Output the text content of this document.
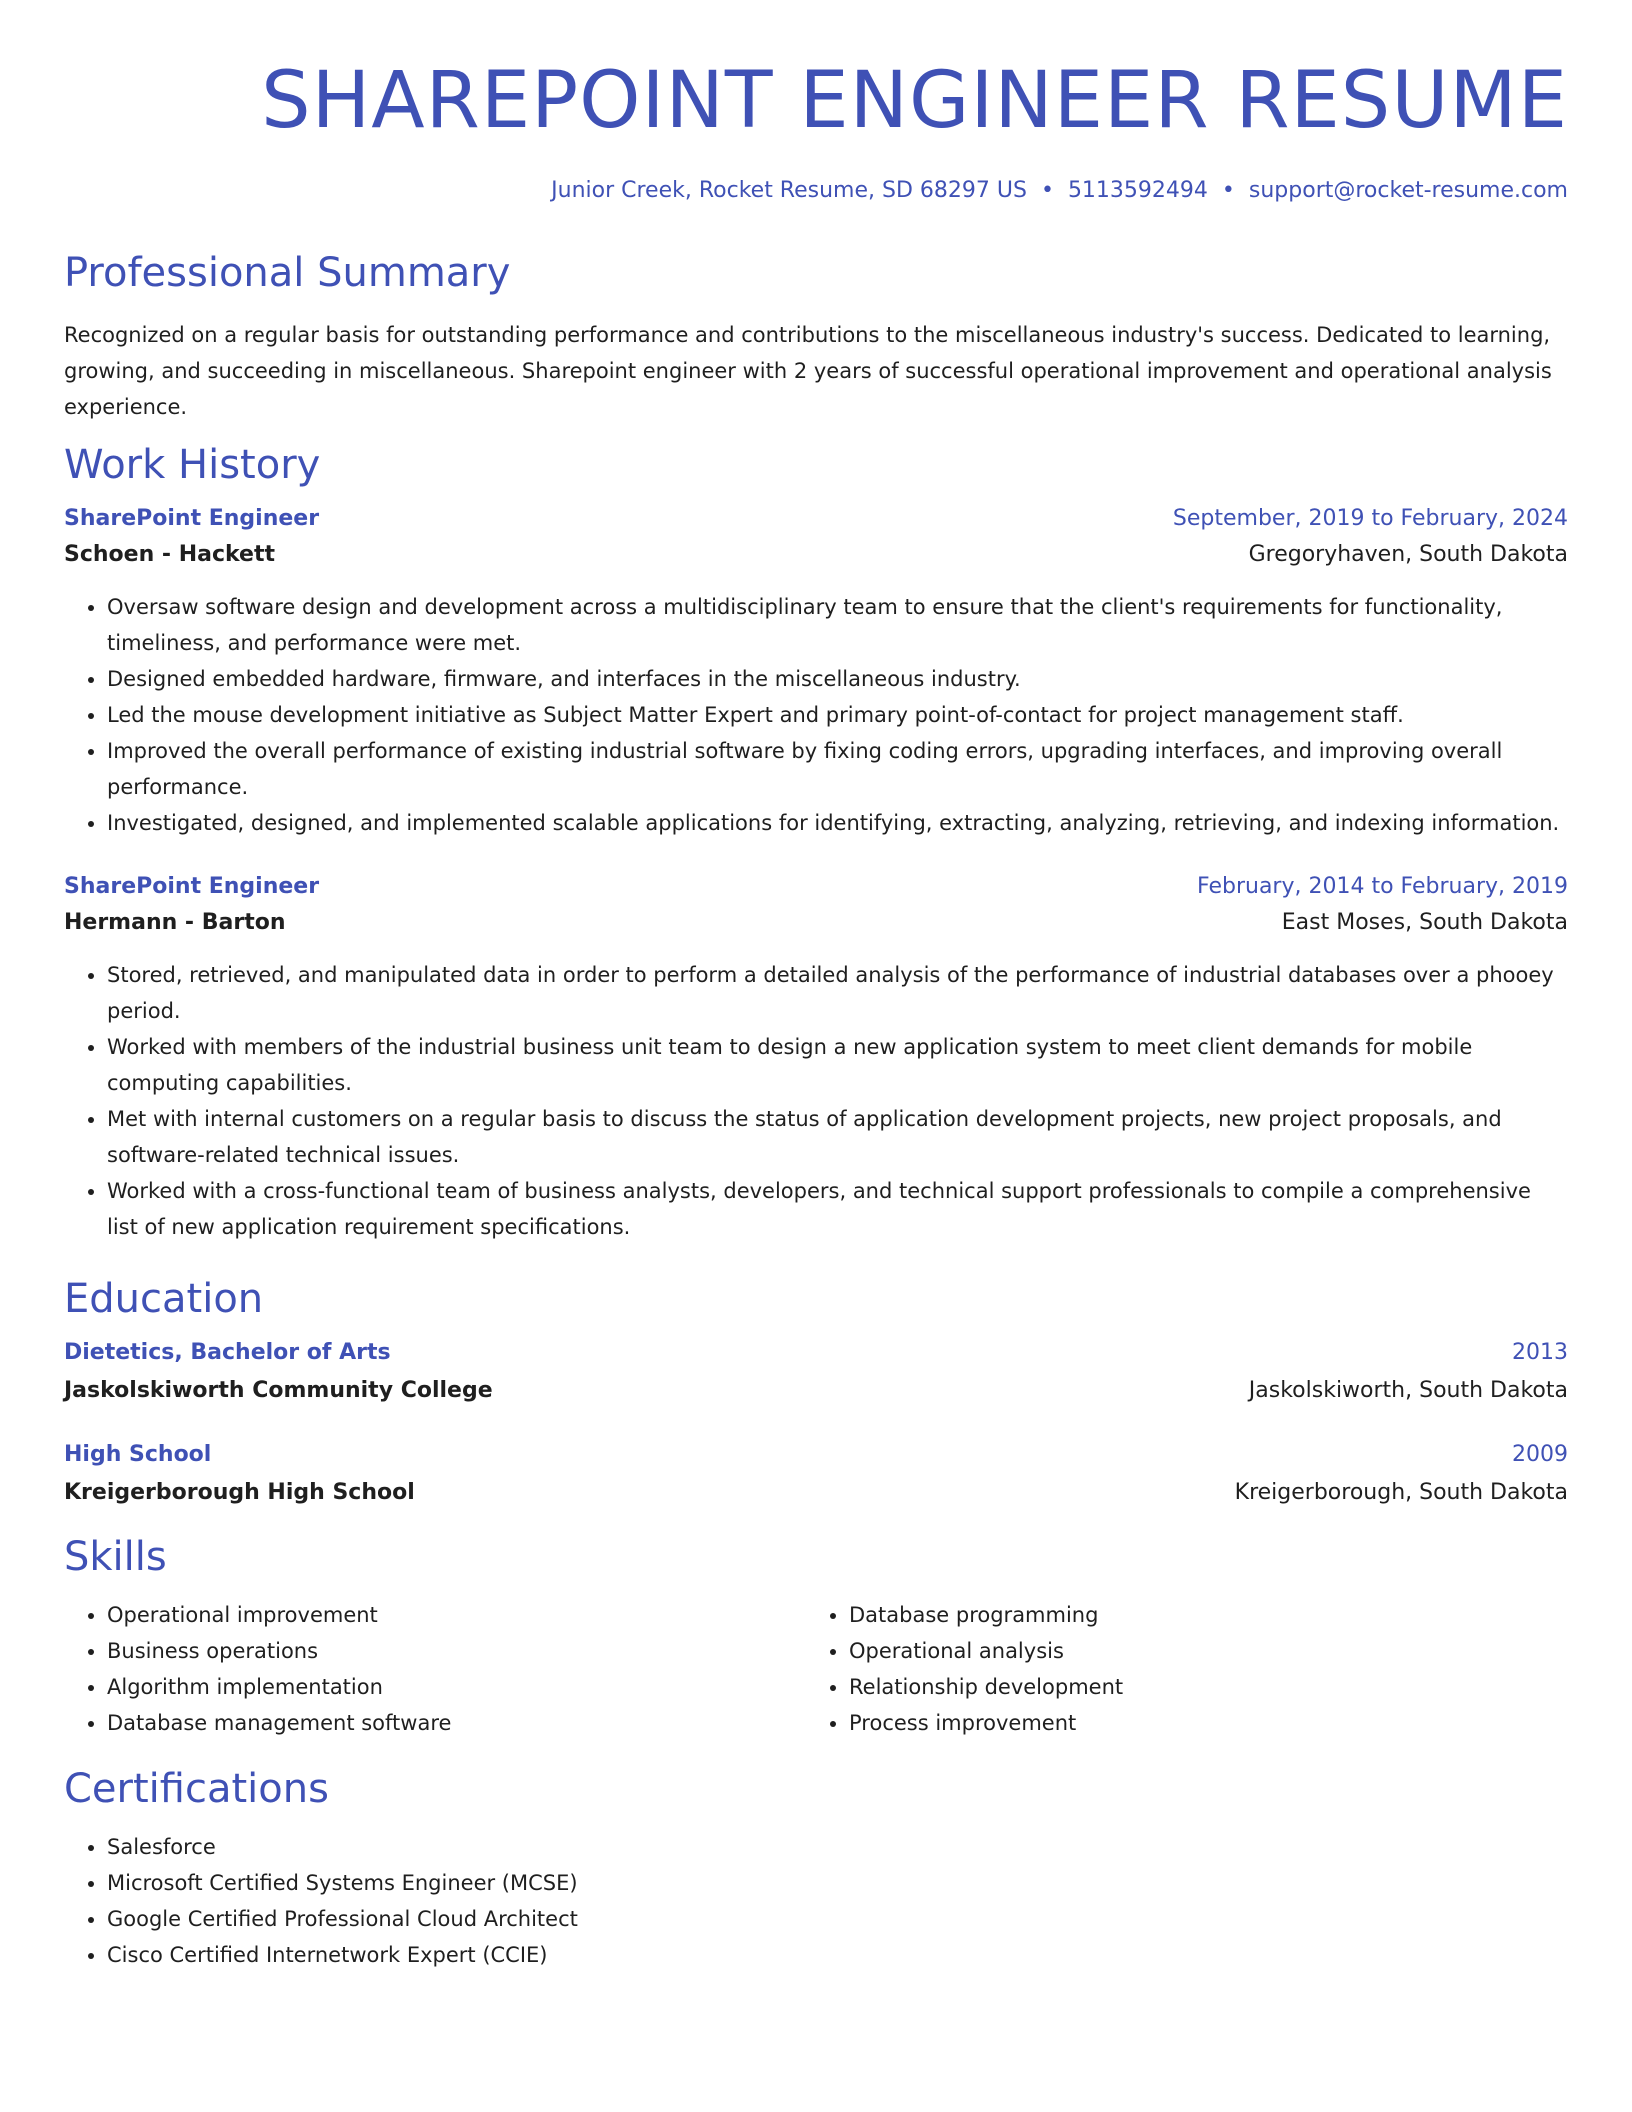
SHAREPOINT ENGINEER RESUME
Junior Creek, Rocket Resume, SD 68297 US • 5113592494 • support@rocket-resume.com
Professional Summary

Recognized on a regular basis for outstanding performance and contributions to the miscellaneous industry's success. Dedicated to learning, growing, and succeeding in miscellaneous. Sharepoint engineer with 2 years of successful operational improvement and operational analysis experience.

Work History
SharePoint Engineer	September, 2019 to February, 2024
Schoen - Hackett	Gregoryhaven, South Dakota
• Oversaw software design and development across a multidisciplinary team to ensure that the client's requirements for functionality, timeliness, and performance were met.
• Designed embedded hardware, firmware, and interfaces in the miscellaneous industry.
• Led the mouse development initiative as Subject Matter Expert and primary point-of-contact for project management staff.
• Improved the overall performance of existing industrial software by fixing coding errors, upgrading interfaces, and improving overall performance.
• Investigated, designed, and implemented scalable applications for identifying, extracting, analyzing, retrieving, and indexing information.
SharePoint Engineer	February, 2014 to February, 2019
Hermann - Barton	East Moses, South Dakota
• Stored, retrieved, and manipulated data in order to perform a detailed analysis of the performance of industrial databases over a phooey period.
• Worked with members of the industrial business unit team to design a new application system to meet client demands for mobile computing capabilities.
• Met with internal customers on a regular basis to discuss the status of application development projects, new project proposals, and software-related technical issues.
• Worked with a cross-functional team of business analysts, developers, and technical support professionals to compile a comprehensive list of new application requirement specifications.
Education
Dietetics, Bachelor of Arts	2013
Jaskolskiworth Community College	Jaskolskiworth, South Dakota
High School	2009
Kreigerborough High School	Kreigerborough, South Dakota
Skills
• Operational improvement
• Business operations
• Algorithm implementation
• Database management software
• Database programming
• Operational analysis
• Relationship development
• Process improvement
Certifications
• Salesforce
• Microsoft Certified Systems Engineer (MCSE)
• Google Certified Professional Cloud Architect
• Cisco Certified Internetwork Expert (CCIE)
